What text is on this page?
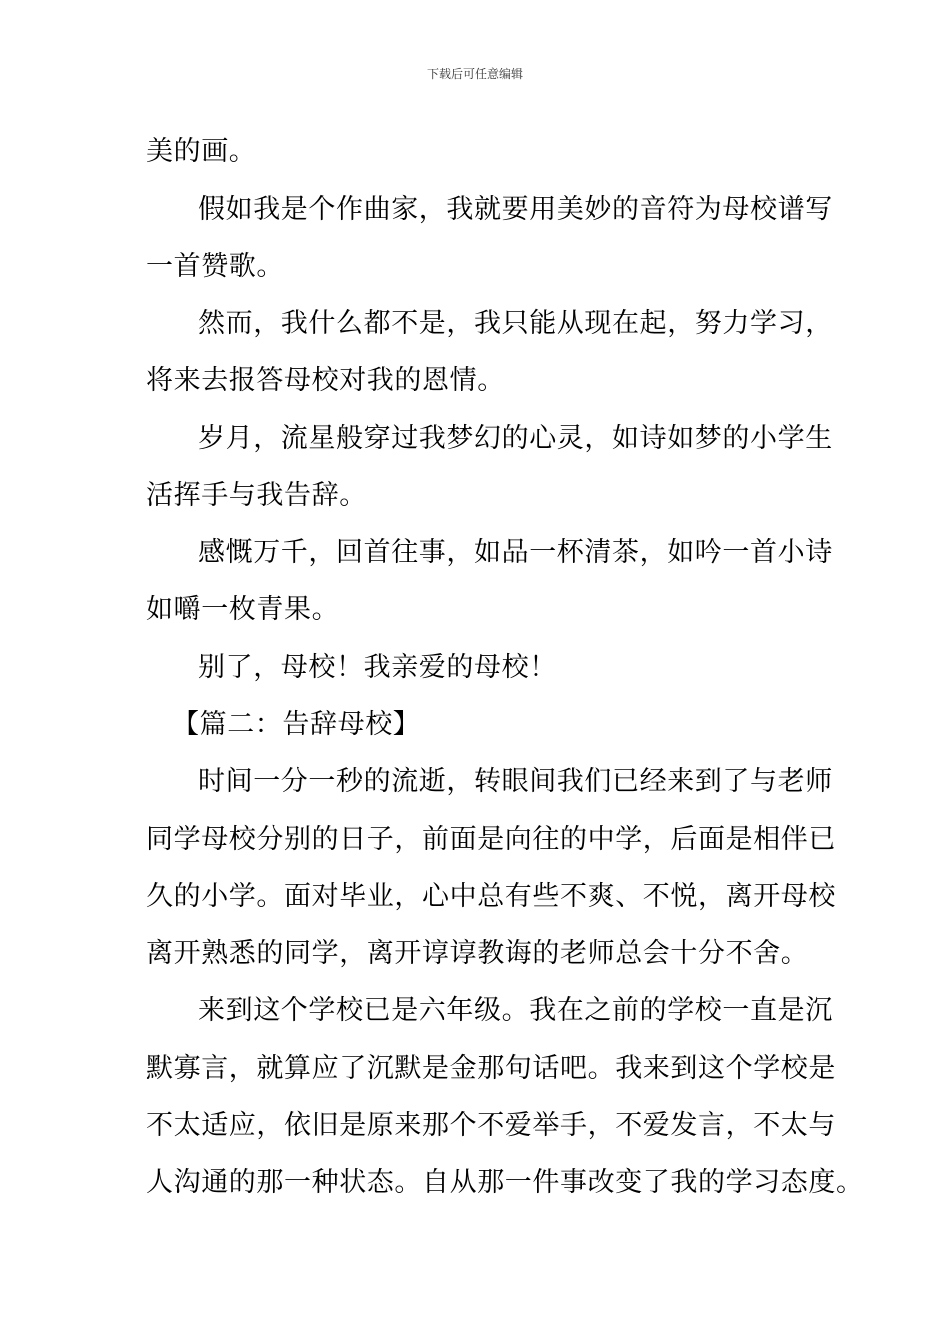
下载后可任意编辑
美的画。
假如我是个作曲家，我就要用美妙的音符为母校谱写
一首赞歌。
然而，我什么都不是，我只能从现在起，努力学习，
将来去报答母校对我的恩情。
岁月，流星般穿过我梦幻的心灵，如诗如梦的小学生
活挥手与我告辞。
感慨万千，回首往事，如品一杯清茶，如吟一首小诗
如嚼一枚青果。
别了，母校！我亲爱的母校！
【篇二：告辞母校】
时间一分一秒的流逝，转眼间我们已经来到了与老师
同学母校分别的日子，前面是向往的中学，后面是相伴已
久的小学。面对毕业，心中总有些不爽、不悦，离开母校
离开熟悉的同学，离开谆谆教诲的老师总会十分不舍。
来到这个学校已是六年级。我在之前的学校一直是沉
默寡言，就算应了沉默是金那句话吧。我来到这个学校是
不太适应，依旧是原来那个不爱举手，不爱发言，不太与
人沟通的那一种状态。自从那一件事改变了我的学习态度。
